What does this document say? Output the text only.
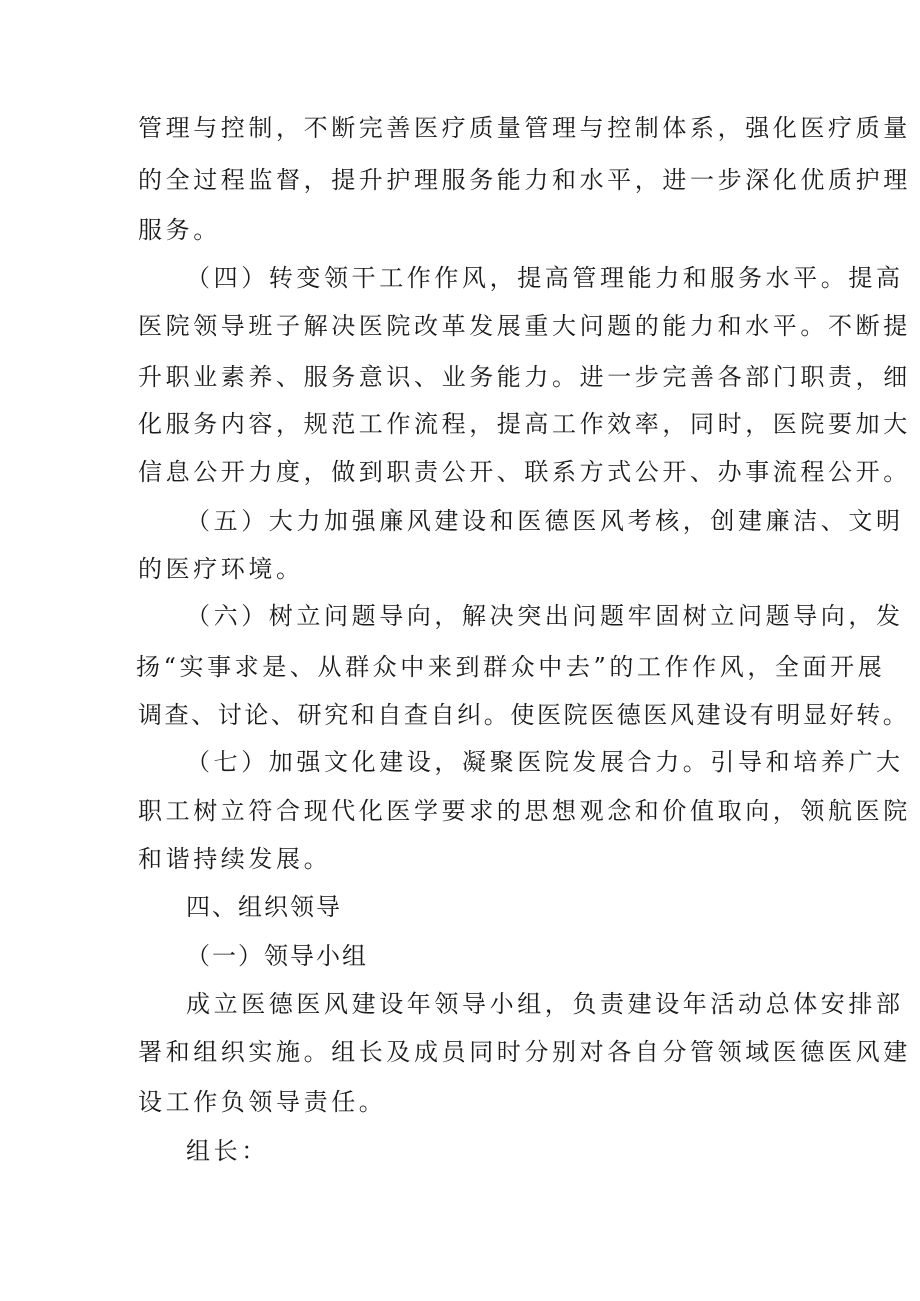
管理与控制，不断完善医疗质量管理与控制体系，强化医疗质量
的全过程监督，提升护理服务能力和水平，进一步深化优质护理
服务。
（四）转变领干工作作风，提高管理能力和服务水平。提高
医院领导班子解决医院改革发展重大问题的能力和水平。不断提
升职业素养、服务意识、业务能力。进一步完善各部门职责，细
化服务内容，规范工作流程，提高工作效率，同时，医院要加大
信息公开力度，做到职责公开、联系方式公开、办事流程公开。
（五）大力加强廉风建设和医德医风考核，创建廉洁、文明
的医疗环境。
（六）树立问题导向，解决突出问题牢固树立问题导向，发
扬“实事求是、从群众中来到群众中去”的工作作风，全面开展
调查、讨论、研究和自查自纠。使医院医德医风建设有明显好转。
（七）加强文化建设，凝聚医院发展合力。引导和培养广大
职工树立符合现代化医学要求的思想观念和价值取向，领航医院
和谐持续发展。
四、组织领导
（一）领导小组
成立医德医风建设年领导小组，负责建设年活动总体安排部
署和组织实施。组长及成员同时分别对各自分管领域医德医风建
设工作负领导责任。
组长：
